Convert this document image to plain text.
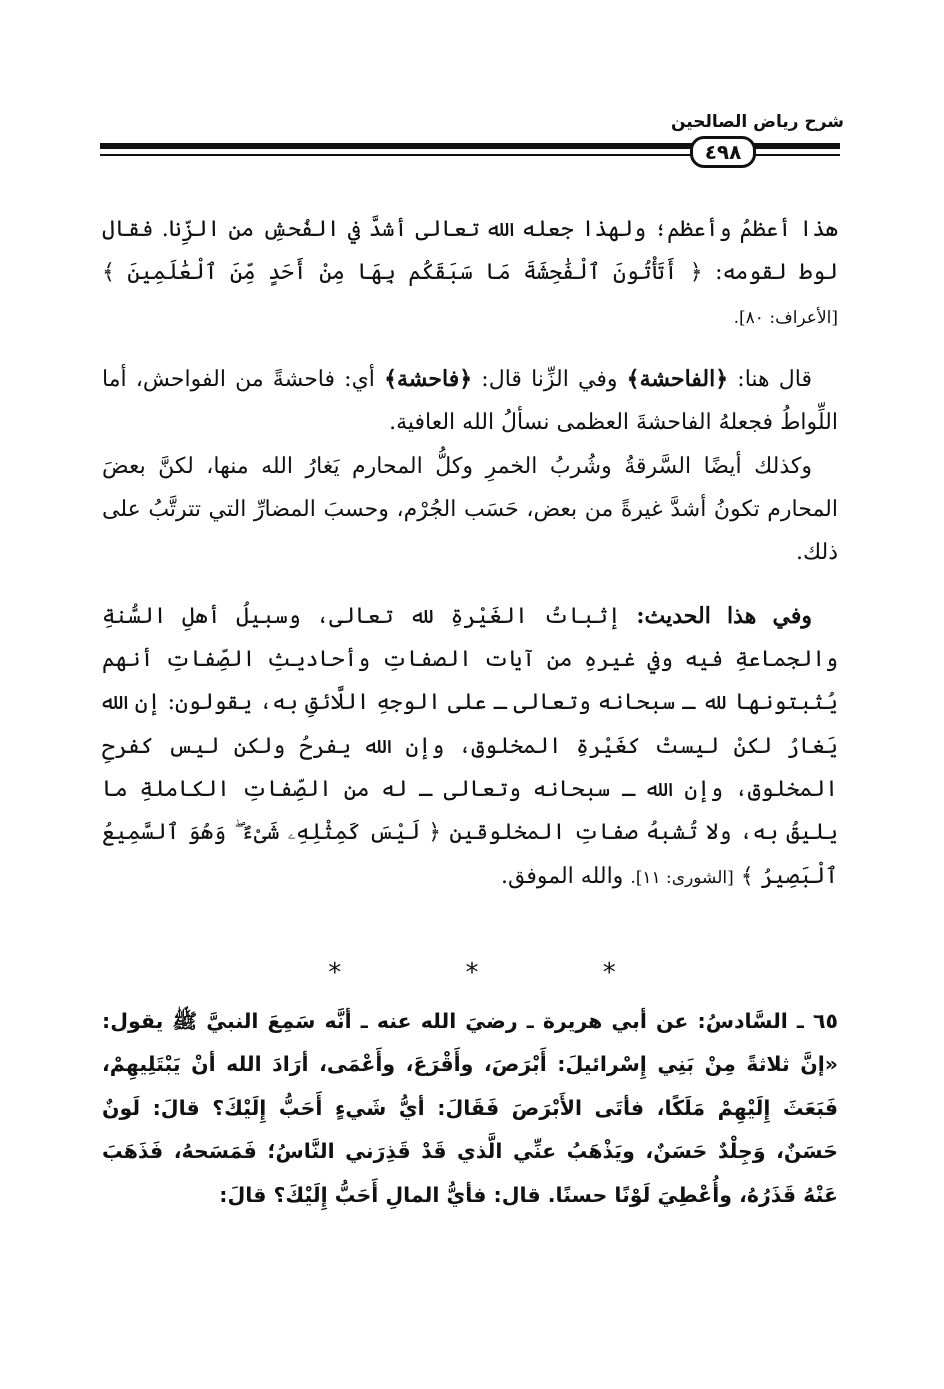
شرح رياض الصالحين
٤٩٨

هذا أعظمُ وأعظم؛ ولهذا جعله الله تعالى أشدَّ في الفُحشِ من الزِّنا. فقال لوط لقومه: ﴿ أَتَأْتُونَ ٱلْفَٰحِشَةَ مَا سَبَقَكُم بِهَا مِنْ أَحَدٍ مِّنَ ٱلْعَٰلَمِينَ ﴾ [الأعراف: ٨٠].

قال هنا: ﴿الفاحشة﴾ وفي الزِّنا قال: ﴿فاحشة﴾ أي: فاحشةً من الفواحش، أما اللِّواطُ فجعلهُ الفاحشةَ العظمى نسألُ الله العافية.

وكذلك أيضًا السَّرقةُ وشُربُ الخمرِ وكلُّ المحارم يَغارُ الله منها، لكنَّ بعضَ المحارم تكونُ أشدَّ غيرةً من بعض، حَسَب الجُرْم، وحسبَ المضارِّ التي تترتَّبُ على ذلك.

وفي هذا الحديث: إثباتُ الغَيْرةِ لله تعالى، وسبيلُ أهلِ السُّنةِ والجماعةِ فيه وفي غيرهِ من آيات الصفاتِ وأحاديثِ الصِّفاتِ أنهم يُثبتونها لله ـ سبحانه وتعالى ـ على الوجهِ اللَّائقِ به، يقولون: إن الله يَغارُ لكنْ ليستْ كغَيْرةِ المخلوق، وإن الله يفرحُ ولكن ليس كفرحِ المخلوق، وإن الله ـ سبحانه وتعالى ـ له من الصِّفاتِ الكاملةِ ما يليقُ به، ولا تُشبهُ صفاتِ المخلوقين ﴿ لَيْسَ كَمِثْلِهِۦ شَىْءٌ ۖ وَهُوَ ٱلسَّمِيعُ ٱلْبَصِيرُ ﴾ [الشورى: ١١]. والله الموفق.

* * *

٦٥ ـ السَّادسُ: عن أبي هريرة ـ رضيَ الله عنه ـ أنَّه سَمِعَ النبيَّ ﷺ يقول: «إنَّ ثلاثةً مِنْ بَنِي إِسْرائيلَ: أَبْرَصَ، وأَقْرَعَ، وأَعْمَى، أرَادَ الله أنْ يَبْتَلِيهِمْ، فَبَعَثَ إِلَيْهِمْ مَلَكًا، فأتَى الأَبْرَصَ فَقَالَ: أيُّ شَيءٍ أَحَبُّ إِلَيْكَ؟ قالَ: لَونٌ حَسَنٌ، وَجِلْدٌ حَسَنٌ، ويَذْهَبُ عنِّي الَّذي قَدْ قَذِرَني النَّاسُ؛ فَمَسَحهُ، فَذَهَبَ عَنْهُ قَذَرُهُ، وأُعْطِيَ لَوْنًا حسنًا. قال: فأيُّ المالِ أَحَبُّ إِلَيْكَ؟ قالَ:
